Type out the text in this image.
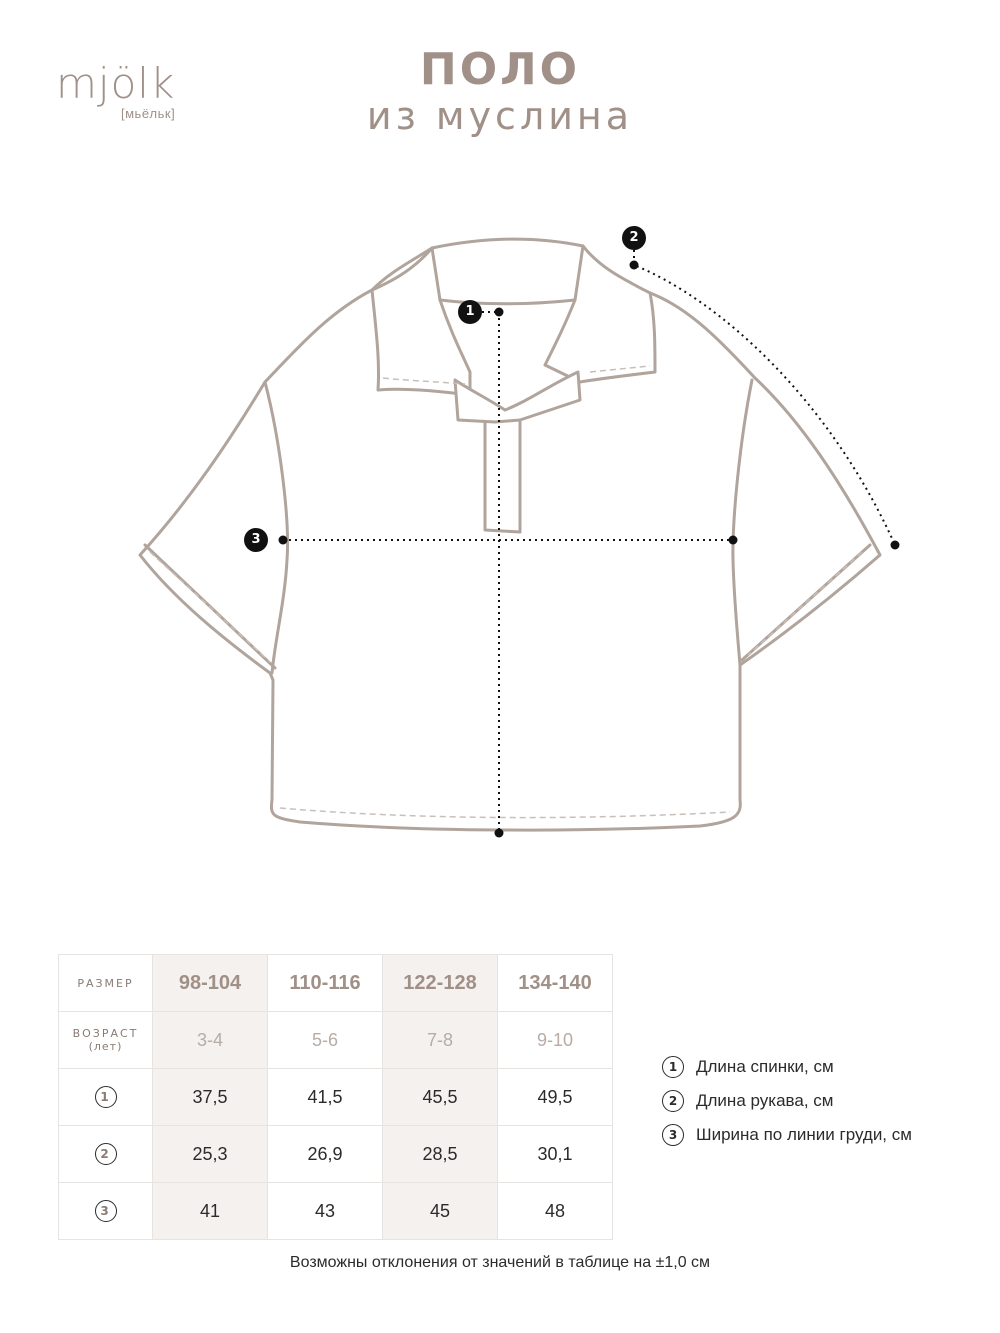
mjölk
[мьёльк]
ПОЛО
из муслина
1
2
3
РАЗМЕР	98-104	110-116	122-128	134-140
ВОЗРАСТ
(лет)	3-4	5-6	7-8	9-10
1	37,5	41,5	45,5	49,5
2	25,3	26,9	28,5	30,1
3	41	43	45	48
1	Длина спинки, см
2	Длина рукава, см
3	Ширина по линии груди, см
Возможны отклонения от значений в таблице на ±1,0 см
